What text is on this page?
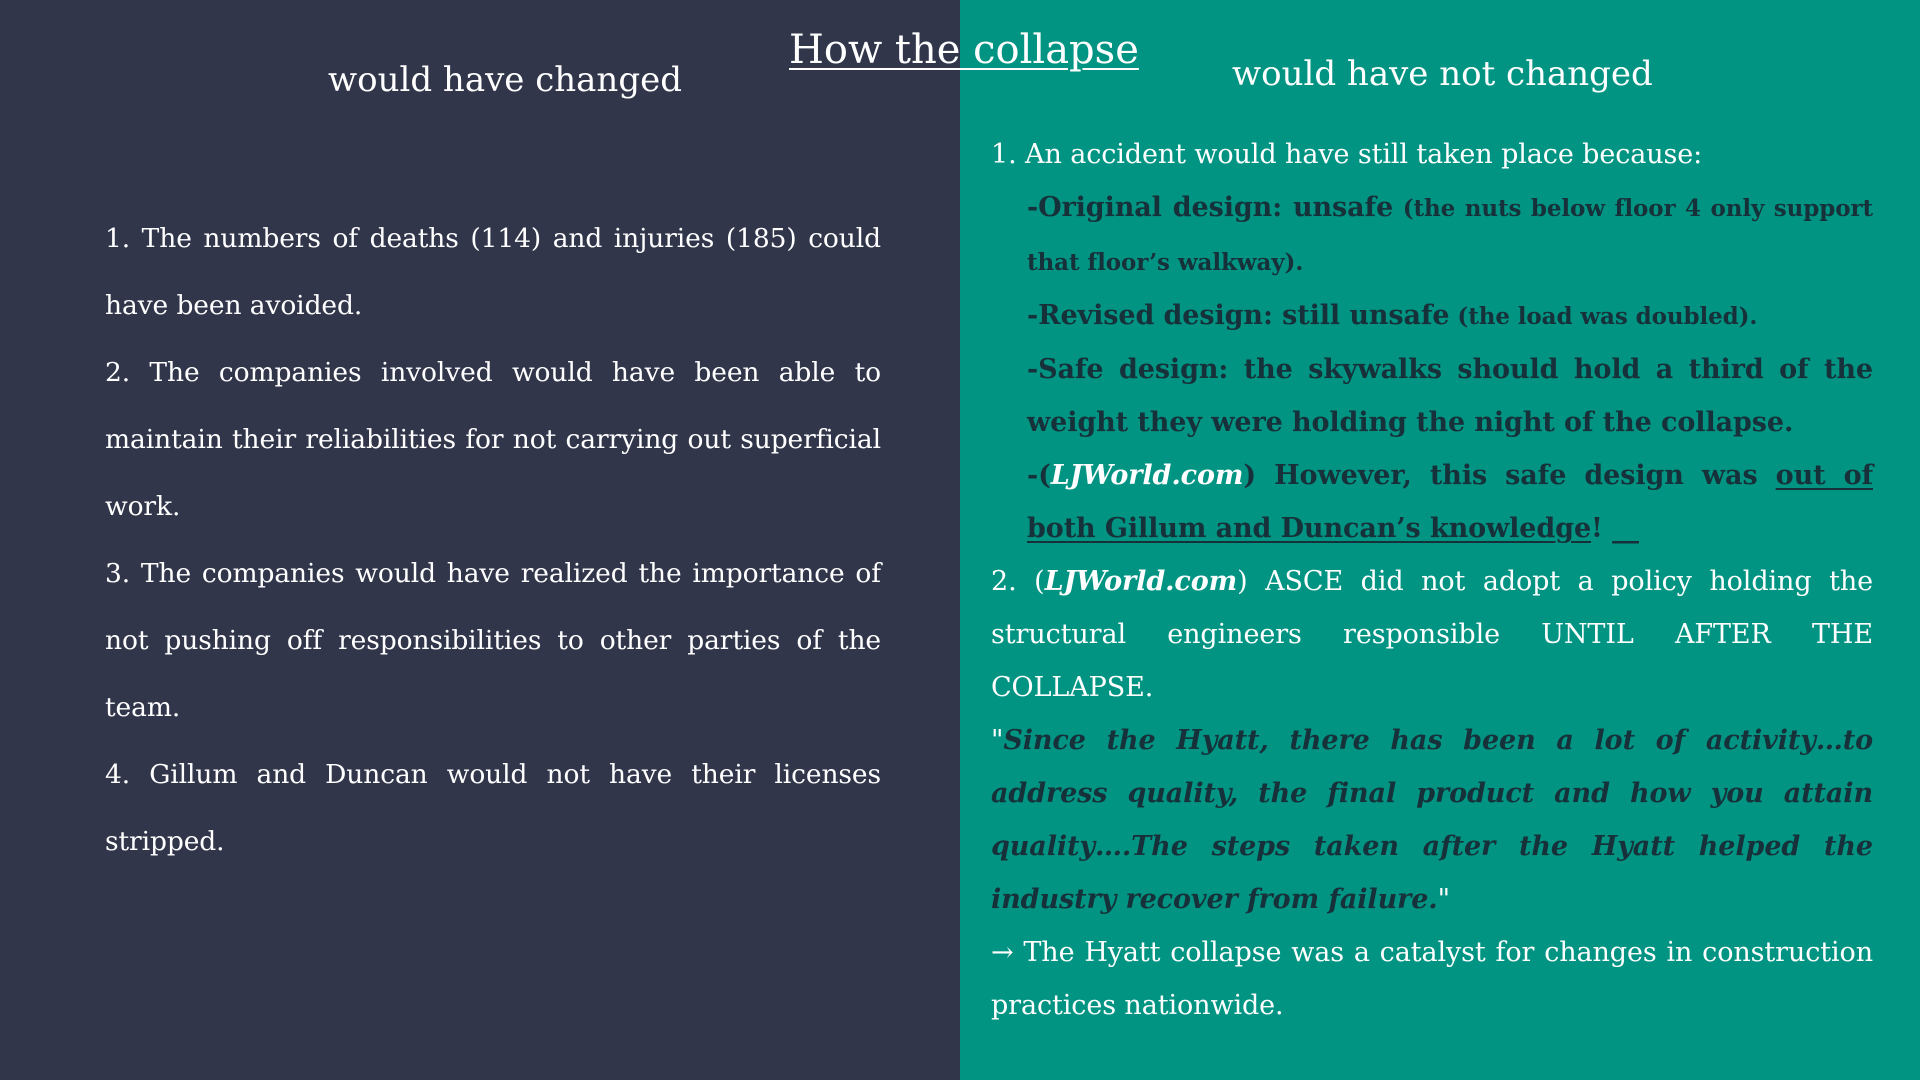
How the collapse
would have changed	would have not changed

1. The numbers of deaths (114) and injuries (185) could have been avoided.

2. The companies involved would have been able to maintain their reliabilities for not carrying out superficial work.

3. The companies would have realized the importance of not pushing off responsibilities to other parties of the team.

4. Gillum and Duncan would not have their licenses stripped.

1. An accident would have still taken place because:

-Original design: unsafe (the nuts below floor 4 only support that floor’s walkway).

-Revised design: still unsafe (the load was doubled).

-Safe design: the skywalks should hold a third of the weight they were holding the night of the collapse.

-(LJWorld.com) However, this safe design was out of both Gillum and Duncan’s knowledge! __

2. (LJWorld.com) ASCE did not adopt a policy holding the structural engineers responsible UNTIL AFTER THE COLLAPSE.

"Since the Hyatt, there has been a lot of activity…to address quality, the final product and how you attain quality….The steps taken after the Hyatt helped the industry recover from failure."

→ The Hyatt collapse was a catalyst for changes in construction practices nationwide.
